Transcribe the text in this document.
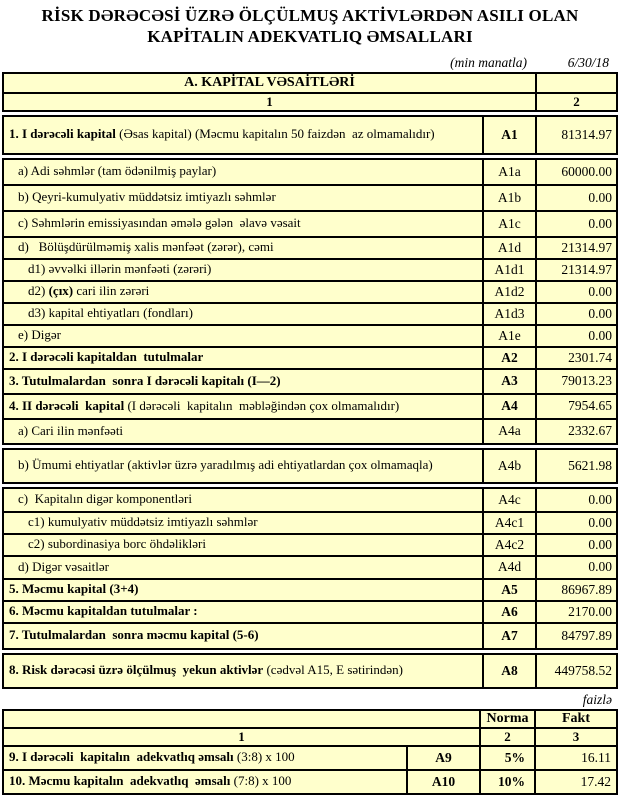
RİSK DƏRƏCƏSİ ÜZRƏ ÖLÇÜLMUŞ AKTİVLƏRDƏN ASILI OLAN
KAPİTALIN ADEKVATLIQ ƏMSALLARI
(min manatla)	6/30/18
A. KAPİTAL VƏSAİTLƏRİ
1	2
1. I dərəcəli kapital (Əsas kapital) (Məcmu kapitalın 50 faizdən  az olmamalıdır)	A1	81314.97
a) Adi səhmlər (tam ödənilmiş paylar)	A1a	60000.00
b) Qeyri-kumulyativ müddətsiz imtiyazlı səhmlər	A1b	0.00
c) Səhmlərin emissiyasından əmələ gələn  əlavə vəsait	A1c	0.00
d)   Bölüşdürülməmiş xalis mənfəət (zərər), cəmi	A1d	21314.97
d1) əvvəlki illərin mənfəəti (zərəri)	A1d1	21314.97
d2) (çıx) cari ilin zərəri	A1d2	0.00
d3) kapital ehtiyatları (fondları)	A1d3	0.00
e) Digər	A1e	0.00
2. I dərəcəli kapitaldan  tutulmalar	A2	2301.74
3. Tutulmalardan  sonra I dərəcəli kapitalı (I—2)	A3	79013.23
4. II dərəcəli  kapital (I dərəcəli  kapitalın  məbləğindən çox olmamalıdır)	A4	7954.65
a) Cari ilin mənfəəti	A4a	2332.67
b) Ümumi ehtiyatlar (aktivlər üzrə yaradılmış adi ehtiyatlardan çox olmamaqla)	A4b	5621.98
c)  Kapitalın digər komponentləri	A4c	0.00
c1) kumulyativ müddətsiz imtiyazlı səhmlər	A4c1	0.00
c2) subordinasiya borc öhdəlikləri	A4c2	0.00
d) Digər vəsaitlər	A4d	0.00
5. Məcmu kapital (3+4)	A5	86967.89
6. Məcmu kapitaldan tutulmalar :	A6	2170.00
7. Tutulmalardan  sonra məcmu kapital (5-6)	A7	84797.89
8. Risk dərəcəsi üzrə ölçülmuş  yekun aktivlər (cədvəl A15, E sətirindən)	A8	449758.52
faizlə
Norma	Fakt
1	2	3
9. I dərəcəli  kapitalın  adekvatlıq əmsalı (3:8) x 100	A9	5%	16.11
10. Məcmu kapitalın  adekvatlıq  əmsalı (7:8) x 100	A10	10%	17.42
